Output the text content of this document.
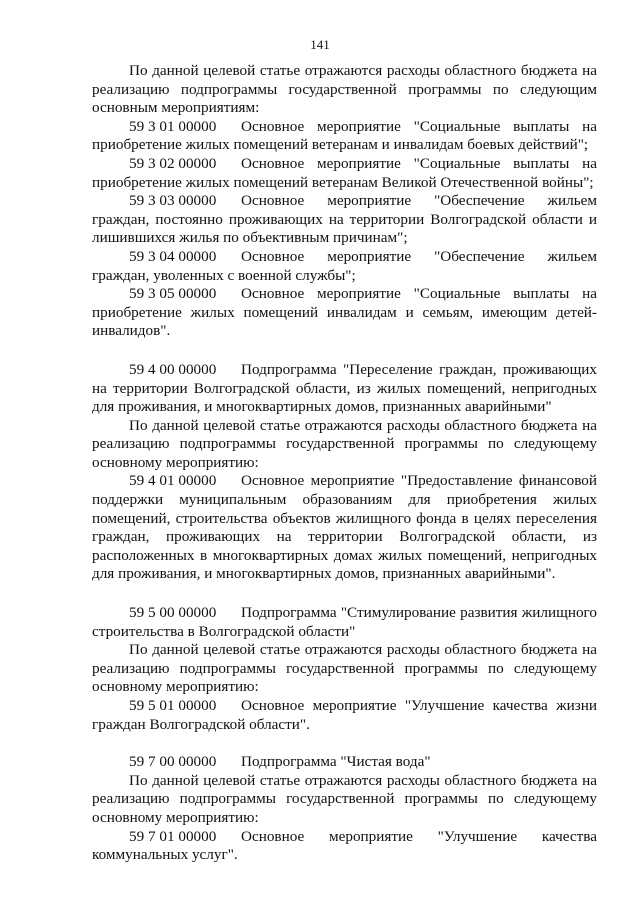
141

По данной целевой статье отражаются расходы областного бюджета на реализацию подпрограммы государственной программы по следующим основным мероприятиям:

59 3 01 00000 Основное мероприятие "Социальные выплаты на приобретение жилых помещений ветеранам и инвалидам боевых действий";

59 3 02 00000 Основное мероприятие "Социальные выплаты на приобретение жилых помещений ветеранам Великой Отечественной войны";

59 3 03 00000 Основное мероприятие "Обеспечение жильем граждан, постоянно проживающих на территории Волгоградской области и лишившихся жилья по объективным причинам";

59 3 04 00000 Основное мероприятие "Обеспечение жильем граждан, уволенных с военной службы";

59 3 05 00000 Основное мероприятие "Социальные выплаты на приобретение жилых помещений инвалидам и семьям, имеющим детей-инвалидов".

59 4 00 00000 Подпрограмма "Переселение граждан, проживающих на территории Волгоградской области, из жилых помещений, непригодных для проживания, и многоквартирных домов, признанных аварийными"

По данной целевой статье отражаются расходы областного бюджета на реализацию подпрограммы государственной программы по следующему основному мероприятию:

59 4 01 00000 Основное мероприятие "Предоставление финансовой поддержки муниципальным образованиям для приобретения жилых помещений, строительства объектов жилищного фонда в целях переселения граждан, проживающих на территории Волгоградской области, из расположенных в многоквартирных домах жилых помещений, непригодных для проживания, и многоквартирных домов, признанных аварийными".

59 5 00 00000 Подпрограмма "Стимулирование развития жилищного строительства в Волгоградской области"

По данной целевой статье отражаются расходы областного бюджета на реализацию подпрограммы государственной программы по следующему основному мероприятию:

59 5 01 00000 Основное мероприятие "Улучшение качества жизни граждан Волгоградской области".

59 7 00 00000 Подпрограмма "Чистая вода"

По данной целевой статье отражаются расходы областного бюджета на реализацию подпрограммы государственной программы по следующему основному мероприятию:

59 7 01 00000 Основное мероприятие "Улучшение качества коммунальных услуг".
